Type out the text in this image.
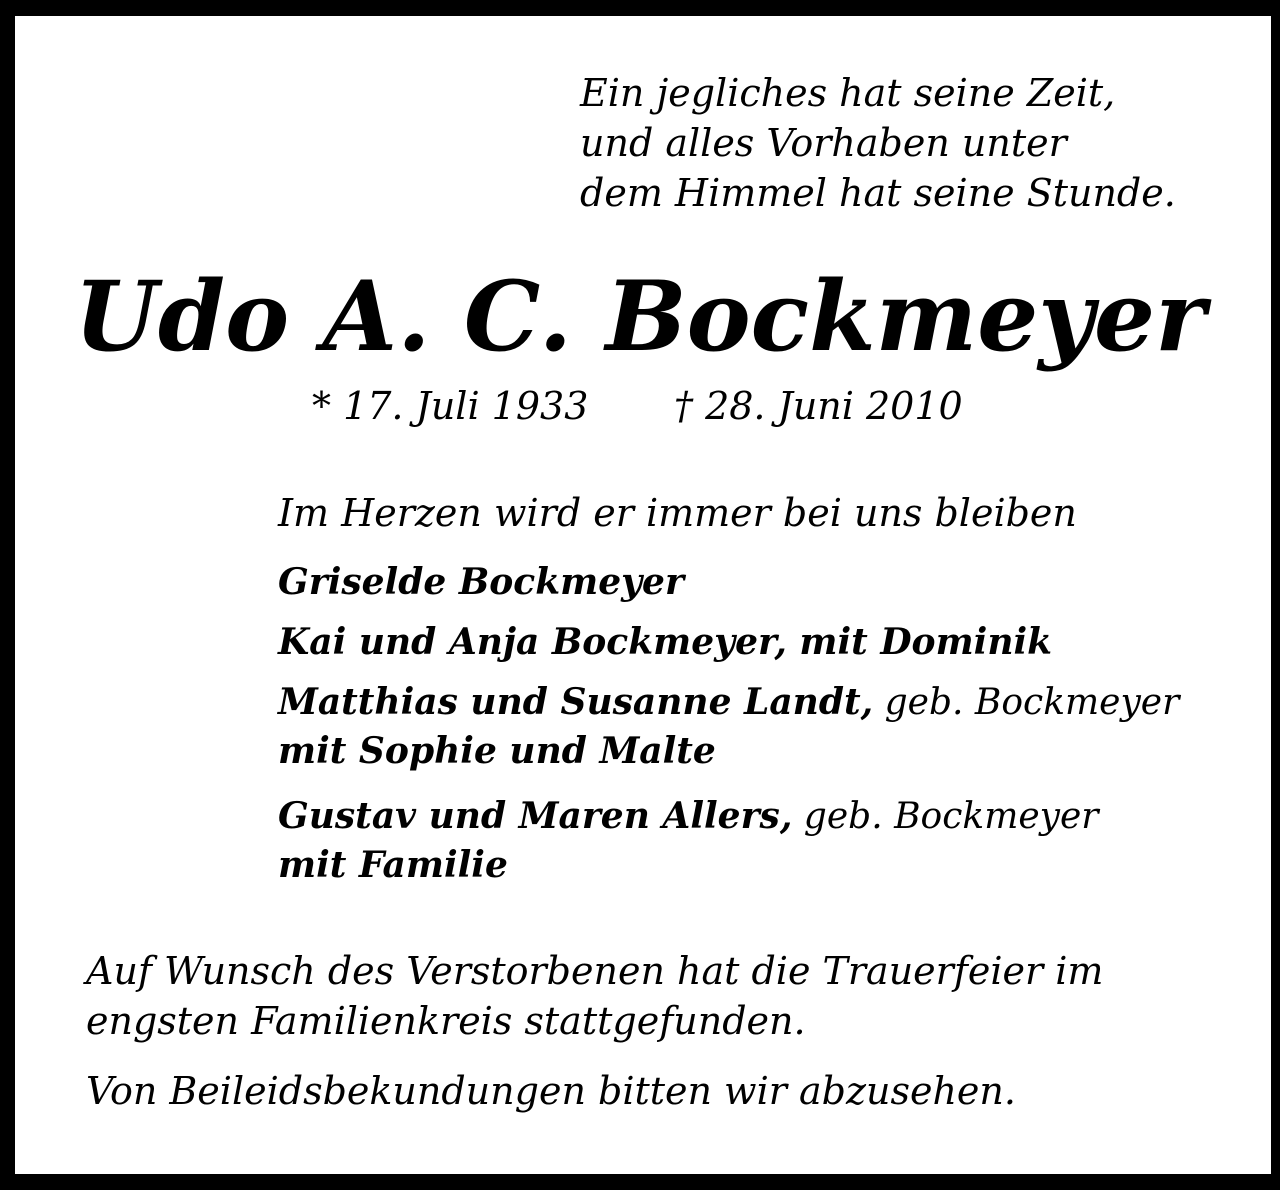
Ein jegliches hat seine Zeit,
und alles Vorhaben unter
dem Himmel hat seine Stunde.
Udo A. C. Bockmeyer
* 17. Juli 1933 † 28. Juni 2010
Im Herzen wird er immer bei uns bleiben
Griselde Bockmeyer
Kai und Anja Bockmeyer, mit Dominik
Matthias und Susanne Landt, geb. Bockmeyer
mit Sophie und Malte
Gustav und Maren Allers, geb. Bockmeyer
mit Familie
Auf Wunsch des Verstorbenen hat die Trauerfeier im
engsten Familienkreis stattgefunden.
Von Beileidsbekundungen bitten wir abzusehen.
